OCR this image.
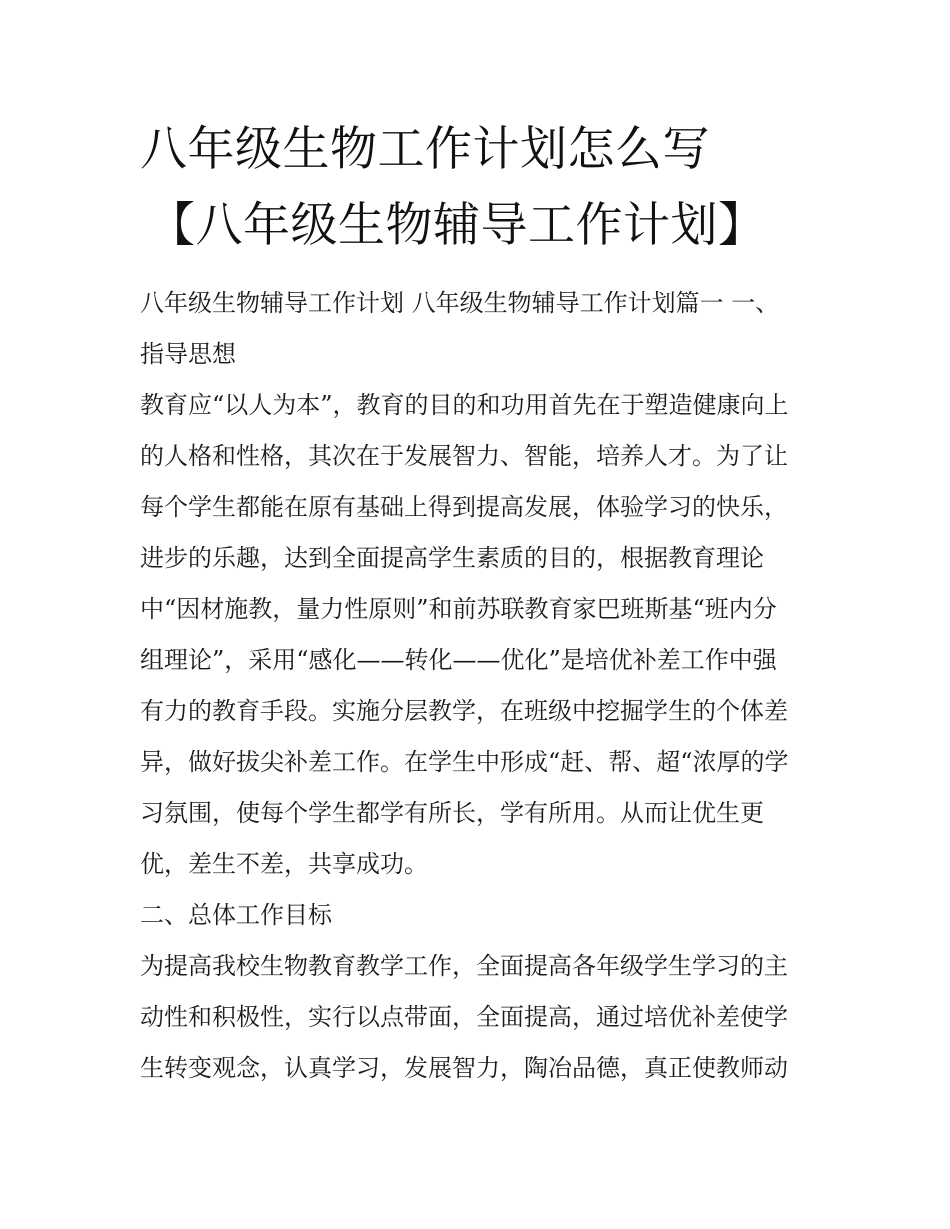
八年级生物工作计划怎么写
【八年级生物辅导工作计划】
八年级生物辅导工作计划 八年级生物辅导工作计划篇一 一、
指导思想
教育应“以人为本”，教育的目的和功用首先在于塑造健康向上
的人格和性格，其次在于发展智力、智能，培养人才。为了让
每个学生都能在原有基础上得到提高发展，体验学习的快乐，
进步的乐趣，达到全面提高学生素质的目的，根据教育理论
中“因材施教，量力性原则”和前苏联教育家巴班斯基“班内分
组理论”，采用“感化——转化——优化”是培优补差工作中强
有力的教育手段。实施分层教学，在班级中挖掘学生的个体差
异，做好拔尖补差工作。在学生中形成“赶、帮、超“浓厚的学
习氛围，使每个学生都学有所长，学有所用。从而让优生更
优，差生不差，共享成功。
二、总体工作目标
为提高我校生物教育教学工作，全面提高各年级学生学习的主
动性和积极性，实行以点带面，全面提高，通过培优补差使学
生转变观念，认真学习，发展智力，陶冶品德，真正使教师动
